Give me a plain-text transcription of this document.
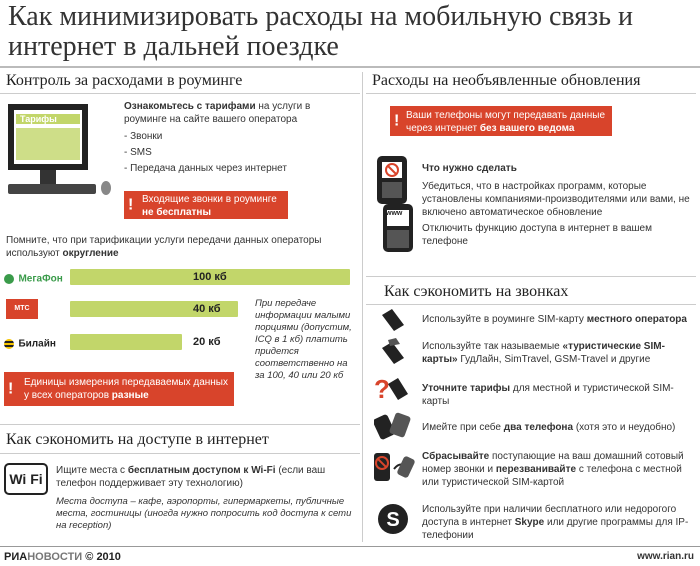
Как минимизировать расходы на мобильную связь и интернет в дальней поездке
Контроль за расходами в роуминге
Тарифы
Ознакомьтесь с тарифами на услуги в роуминге на сайте вашего оператора
- Звонки
- SMS
- Передача данных через интернет
! Входящие звонки в роуминге не бесплатны
Помните, что при тарификации услуги передачи данных операторы используют округление
МегаФон	100 кб
МТС	40 кб
Билайн	20 кб
При передаче информации малыми порциями (допустим, ICQ в 1 кб) платить придется соответственно на за 100, 40 или 20 кб
! Единицы измерения передаваемых данных у всех операторов разные
Как сэкономить на доступе в интернет
Wi Fi
Ищите места с бесплатным доступом к Wi-Fi (если ваш телефон поддерживает эту технологию)
Места доступа – кафе, аэропорты, гипермаркеты, публичные места, гостиницы (иногда нужно попросить код доступа к сети на reception)
Расходы на необъявленные обновления
! Ваши телефоны могут передавать данные через интернет без вашего ведома
www
Что нужно сделать
Убедиться, что в настройках программ, которые установлены компаниями-производителями или вами, не включено автоматическое обновление
Отключить функцию доступа в интернет в вашем телефоне
Как сэкономить на звонках
Используйте в роуминге SIM-карту местного оператора
Используйте так называемые «туристические SIM-карты» ГудЛайн, SimTravel, GSM-Travel и другие
?	Уточните тарифы для местной и туристической SIM-карты
Имейте при себе два телефона (хотя это и неудобно)
Сбрасывайте поступающие на ваш домашний сотовый номер звонки и перезванивайте с телефона с местной или туристической SIM-картой
S Используйте при наличии бесплатного или недорогого доступа в интернет Skype или другие программы для IP-телефонии
РИАНОВОСТИ © 2010	www.rian.ru
